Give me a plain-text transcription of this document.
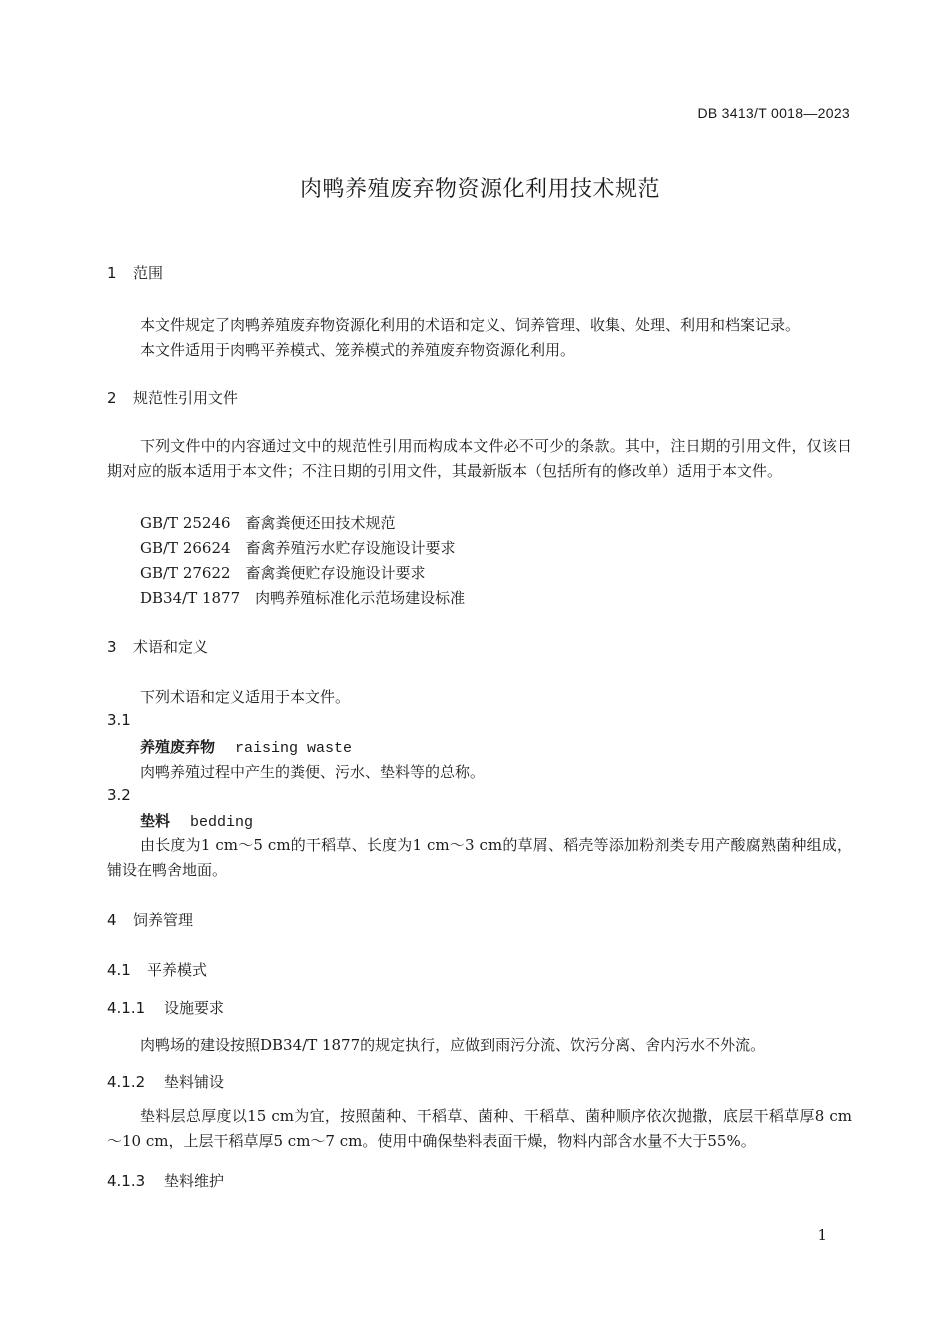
DB 3413/T 0018—2023
肉鸭养殖废弃物资源化利用技术规范
1 范围
本文件规定了肉鸭养殖废弃物资源化利用的术语和定义、饲养管理、收集、处理、利用和档案记录。
本文件适用于肉鸭平养模式、笼养模式的养殖废弃物资源化利用。
2 规范性引用文件
下列文件中的内容通过文中的规范性引用而构成本文件必不可少的条款。其中，注日期的引用文件，仅该日期对应的版本适用于本文件；不注日期的引用文件，其最新版本（包括所有的修改单）适用于本文件。
GB/T 25246　畜禽粪便还田技术规范
GB/T 26624　畜禽养殖污水贮存设施设计要求
GB/T 27622　畜禽粪便贮存设施设计要求
DB34/T 1877　肉鸭养殖标准化示范场建设标准
3 术语和定义
下列术语和定义适用于本文件。
3.1
养殖废弃物 raising waste
肉鸭养殖过程中产生的粪便、污水、垫料等的总称。
3.2
垫料 bedding
由长度为1 cm～5 cm的干稻草、长度为1 cm～3 cm的草屑、稻壳等添加粉剂类专用产酸腐熟菌种组成，铺设在鸭舍地面。
4 饲养管理
4.1 平养模式
4.1.1 设施要求
肉鸭场的建设按照DB34/T 1877的规定执行，应做到雨污分流、饮污分离、舍内污水不外流。
4.1.2 垫料铺设
垫料层总厚度以15 cm为宜，按照菌种、干稻草、菌种、干稻草、菌种顺序依次抛撒，底层干稻草厚8 cm～10 cm，上层干稻草厚5 cm～7 cm。使用中确保垫料表面干燥，物料内部含水量不大于55%。
4.1.3 垫料维护
1
